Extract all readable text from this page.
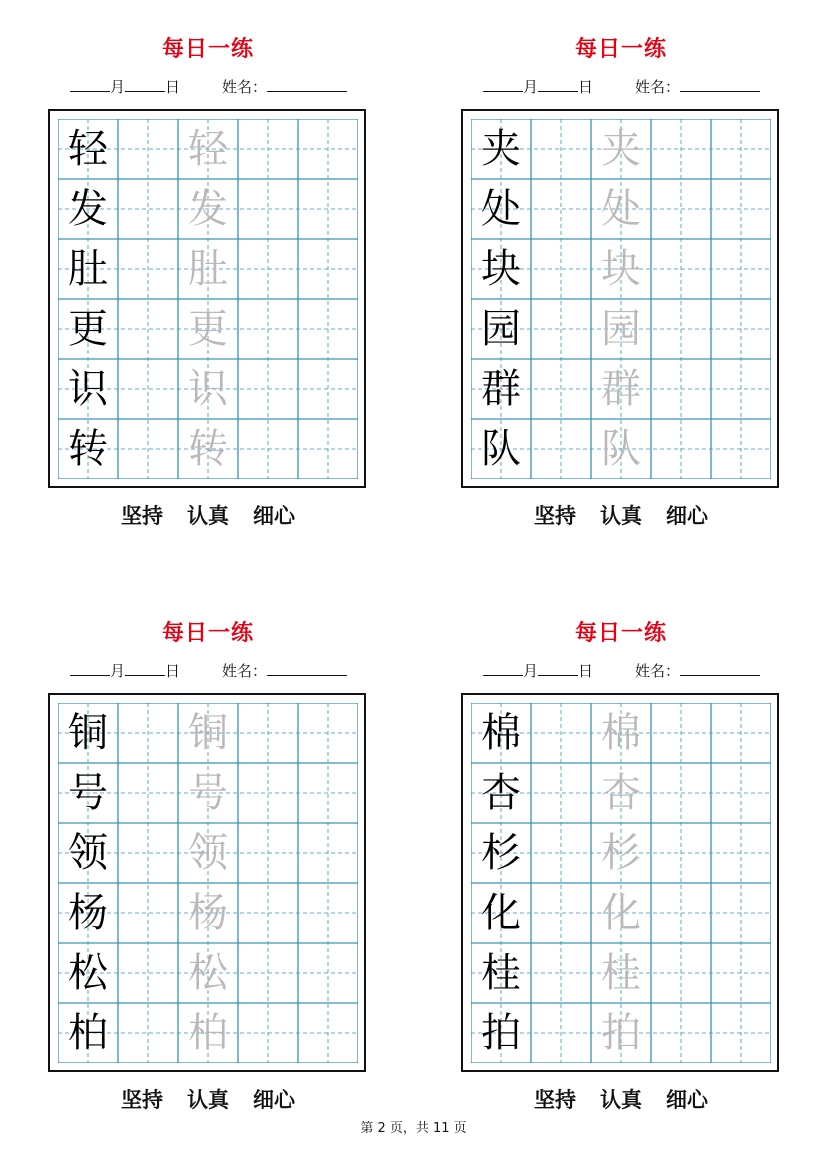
每日一练
月	日	姓名：
轻 轻
发 发
肚 肚
更 更
识 识
转 转
坚持 认真 细心
每日一练
月	日	姓名：
夹 夹
处 处
块 块
园 园
群 群
队 队
坚持 认真 细心
每日一练
月	日	姓名：
铜 铜
号 号
领 领
杨 杨
松 松
柏 柏
坚持 认真 细心
每日一练
月	日	姓名：
棉 棉
杏 杏
杉 杉
化 化
桂 桂
拍 拍
坚持 认真 细心
第 2 页，共 11 页
